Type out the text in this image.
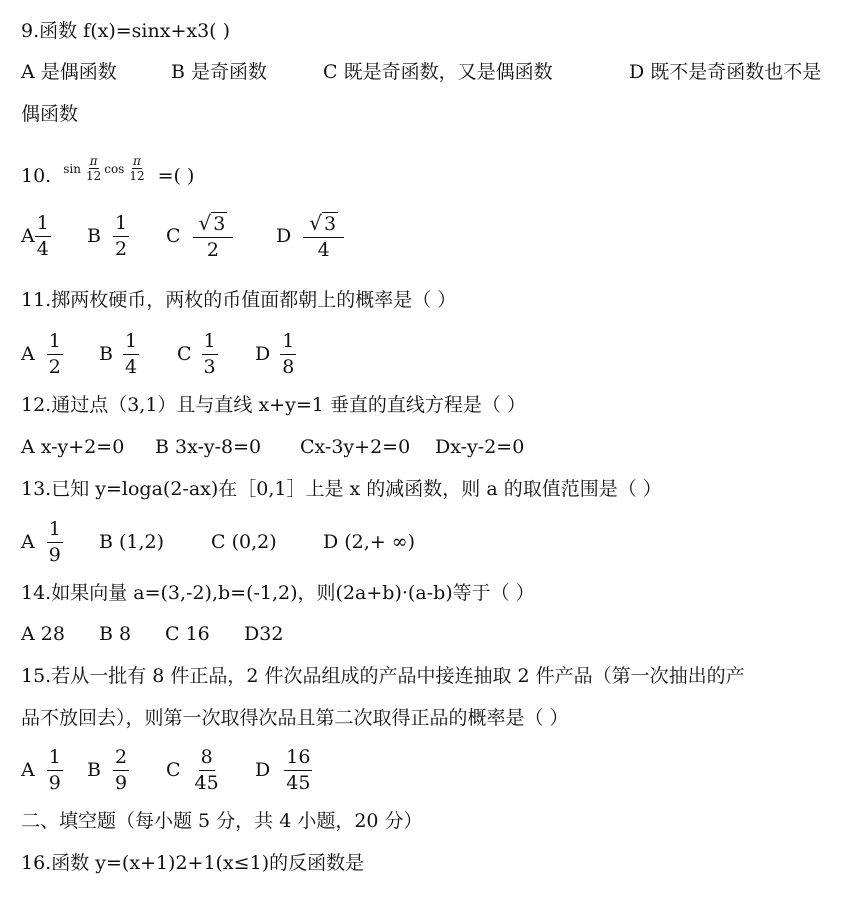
9.函数 f(x)=sinx+x3( )
A 是偶函数	B 是奇函数	C 既是奇函数，又是偶函数	D 既不是奇函数也不是
偶函数
10. $\sin \frac{\pi}{12}$ $\cos \frac{\pi}{12}$ =( )
A $\frac{1}{4}$ B $\frac{1}{2}$ C $\frac{√ 3}{2}$ D $\frac{√ 3}{4}$
11.掷两枚硬币，两枚的币值面都朝上的概率是（ ）
A $\frac{1}{2}$ B $\frac{1}{4}$ C $\frac{1}{3}$ D $\frac{1}{8}$
12.通过点（3,1）且与直线 x+y=1 垂直的直线方程是（ ）
A x-y+2=0 B 3x-y-8=0 Cx-3y+2=0 Dx-y-2=0
13.已知 y=loga(2-ax)在［0,1］上是 x 的减函数，则 a 的取值范围是（ ）
A $\frac{1}{9}$ B (1,2) C (0,2) D (2,+ ∞)
14.如果向量 a=(3,-2),b=(-1,2)，则(2a+b)·(a-b)等于（ ）
A 28 B 8 C 16 D32
15.若从一批有 8 件正品，2 件次品组成的产品中接连抽取 2 件产品（第一次抽出的产
品不放回去），则第一次取得次品且第二次取得正品的概率是（ ）
A $\frac{1}{9}$ B $\frac{2}{9}$ C $\frac{8}{45}$ D $\frac{16}{45}$
二、填空题（每小题 5 分，共 4 小题，20 分）
16.函数 y=(x+1)2+1(x≤1)的反函数是
